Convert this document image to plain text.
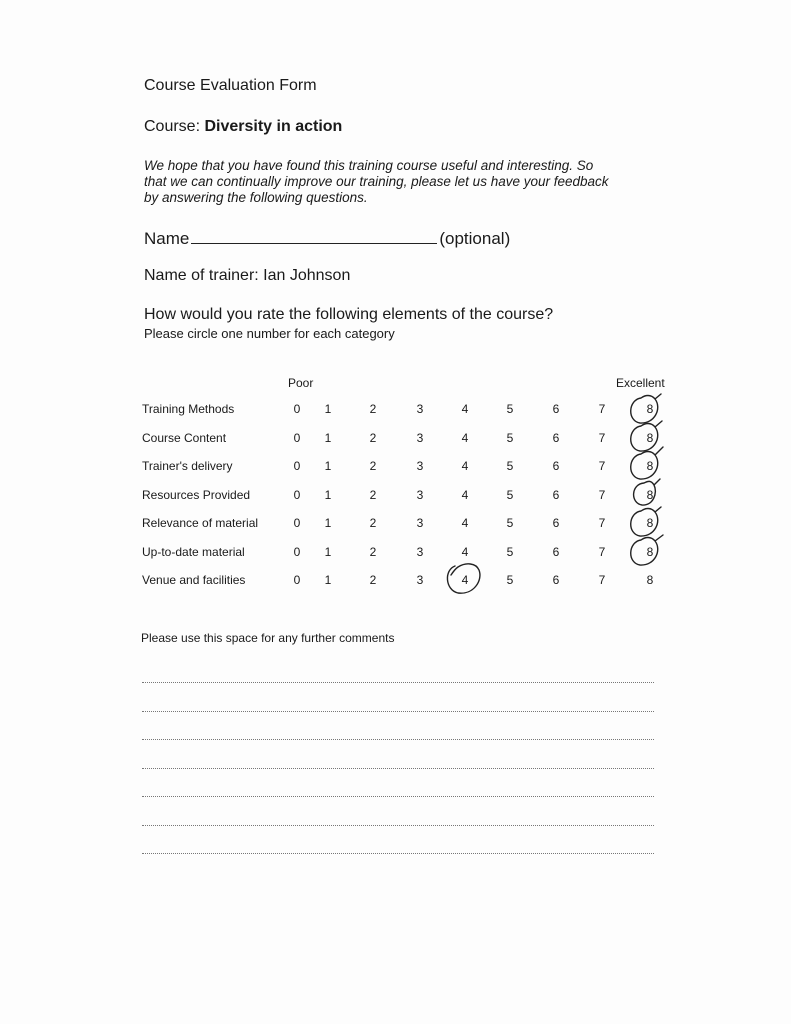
Course Evaluation Form
Course: Diversity in action
We hope that you have found this training course useful and interesting. So
that we can continually improve our training, please let us have your feedback
by answering the following questions.
Name	(optional)
Name of trainer: Ian Johnson
How would you rate the following elements of the course?
Please circle one number for each category
Poor	Excellent
Training Methods	0	1	2	3	4	5	6	7	8
Course Content	0	1	2	3	4	5	6	7	8
Trainer's delivery	0	1	2	3	4	5	6	7	8
Resources Provided	0	1	2	3	4	5	6	7	8
Relevance of material	0	1	2	3	4	5	6	7	8
Up-to-date material	0	1	2	3	4	5	6	7	8
Venue and facilities	0	1	2	3	4	5	6	7	8
Please use this space for any further comments
